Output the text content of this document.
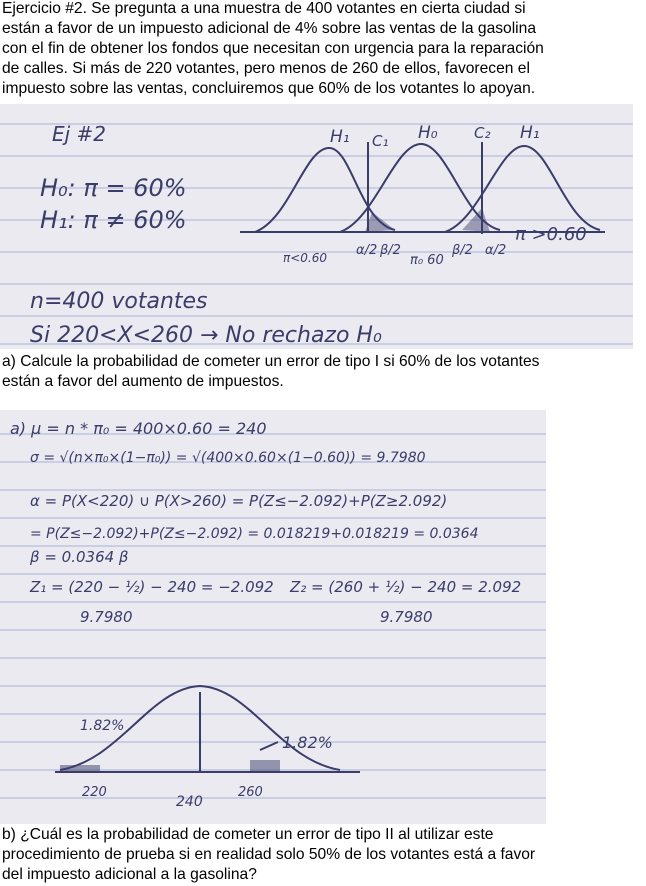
Ejercicio #2. Se pregunta a una muestra de 400 votantes en cierta ciudad si
están a favor de un impuesto adicional de 4% sobre las ventas de la gasolina
con el fin de obtener los fondos que necesitan con urgencia para la reparación
de calles. Si más de 220 votantes, pero menos de 260 de ellos, favorecen el
impuesto sobre las ventas, concluiremos que 60% de los votantes lo apoyan.
Ej #2
H₀: π = 60%
H₁: π ≠ 60%
H₁ C₁ H₀ C₂ H₁
π<0.60 α/2 β/2
π₀ 60
β/2 α/2
π >0.60
n=400 votantes
Si 220<X<260 → No rechazo H₀
a) Calcule la probabilidad de cometer un error de tipo I si 60% de los votantes
están a favor del aumento de impuestos.
a) μ = n * π₀ = 400×0.60 = 240
σ = √(n×π₀×(1−π₀)) = √(400×0.60×(1−0.60)) = 9.7980
α = P(X<220) ∪ P(X>260) = P(Z≤−2.092)+P(Z≥2.092)
= P(Z≤−2.092)+P(Z≤−2.092) = 0.018219+0.018219 = 0.0364
β = 0.0364 β
Z₁ = (220 − ½) − 240 = −2.092
9.7980
Z₂ = (260 + ½) − 240 = 2.092
9.7980
1.82%
1.82%
220
240
260
b) ¿Cuál es la probabilidad de cometer un error de tipo II al utilizar este
procedimiento de prueba si en realidad solo 50% de los votantes está a favor
del impuesto adicional a la gasolina?
